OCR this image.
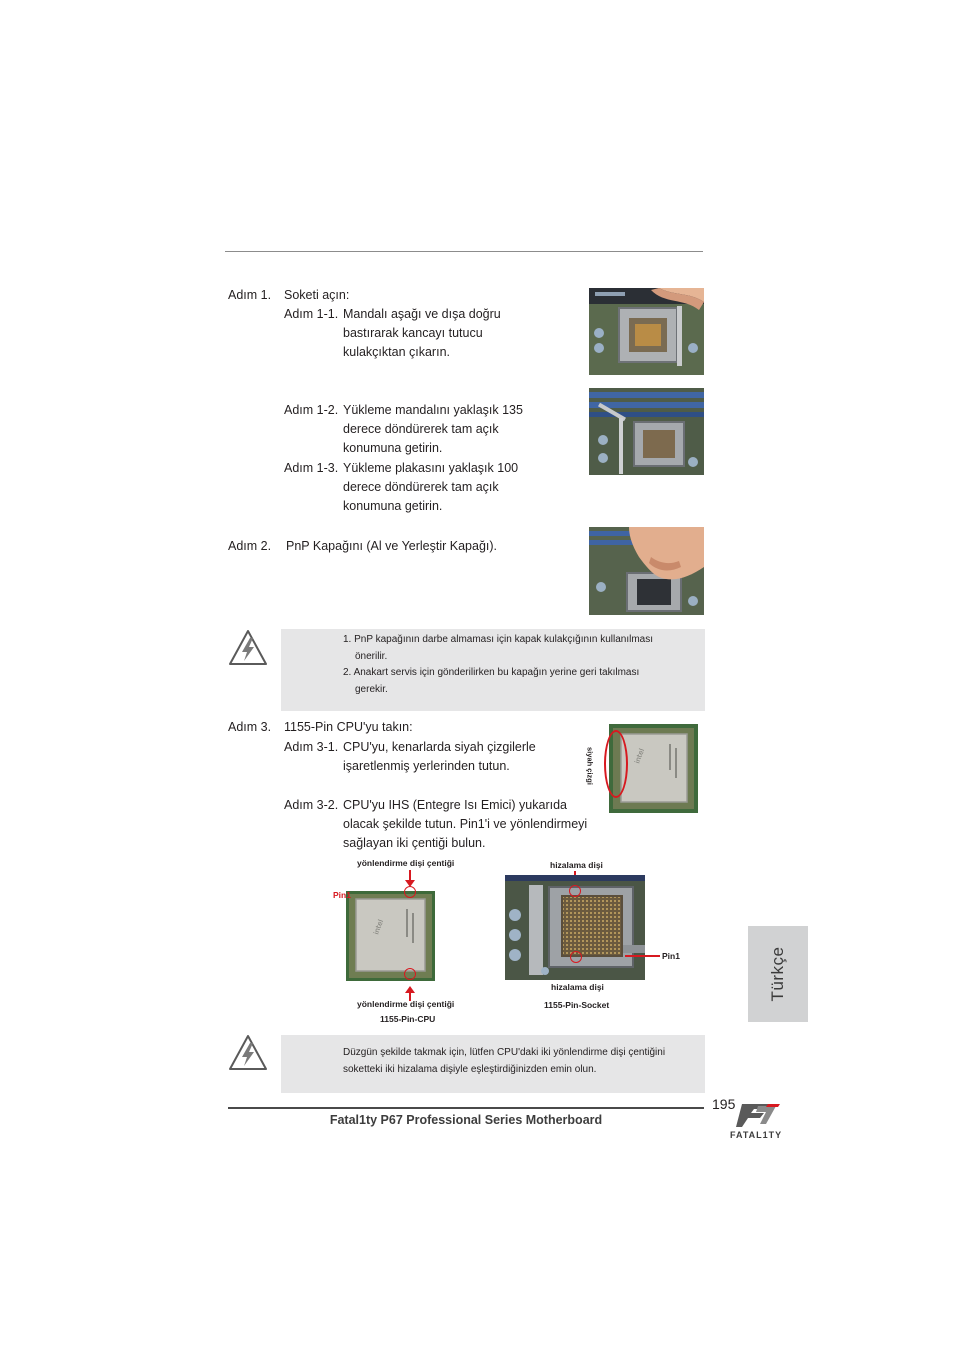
Adım 1. Soketi açın:
Adım 1-1. Mandalı aşağı ve dışa doğru
bastırarak kancayı tutucu
kulakçıktan çıkarın.
Adım 1-2. Yükleme mandalını yaklaşık 135
derece döndürerek tam açık
konumuna getirin.
Adım 1-3. Yükleme plakasını yaklaşık 100
derece döndürerek tam açık
konumuna getirin.
Adım 2. PnP Kapağını (Al ve Yerleştir Kapağı).
1. PnP kapağının darbe almaması için kapak kulakçığının kullanılması
önerilir.
2. Anakart servis için gönderilirken bu kapağın yerine geri takılması
gerekir.
Adım 3. 1155-Pin CPU'yu takın:
Adım 3-1. CPU'yu, kenarlarda siyah çizgilerle
işaretlenmiş yerlerinden tutun.
Adım 3-2. CPU'yu IHS (Entegre Isı Emici) yukarıda
olacak şekilde tutun. Pin1'i ve yönlendirmeyi
sağlayan iki çentiği bulun.
siyah çizgi	intel
yönlendirme dişi çentiği
intel
Pin1
yönlendirme dişi çentiği
1155-Pin-CPU
hizalama dişi
Pin1
hizalama dişi
1155-Pin-Socket
Türkçe
Düzgün şekilde takmak için, lütfen CPU'daki iki yönlendirme dişi çentiğini
soketteki iki hizalama dişiyle eşleştirdiğinizden emin olun.
Fatal1ty P67 Professional Series Motherboard
195
FATAL1TY
